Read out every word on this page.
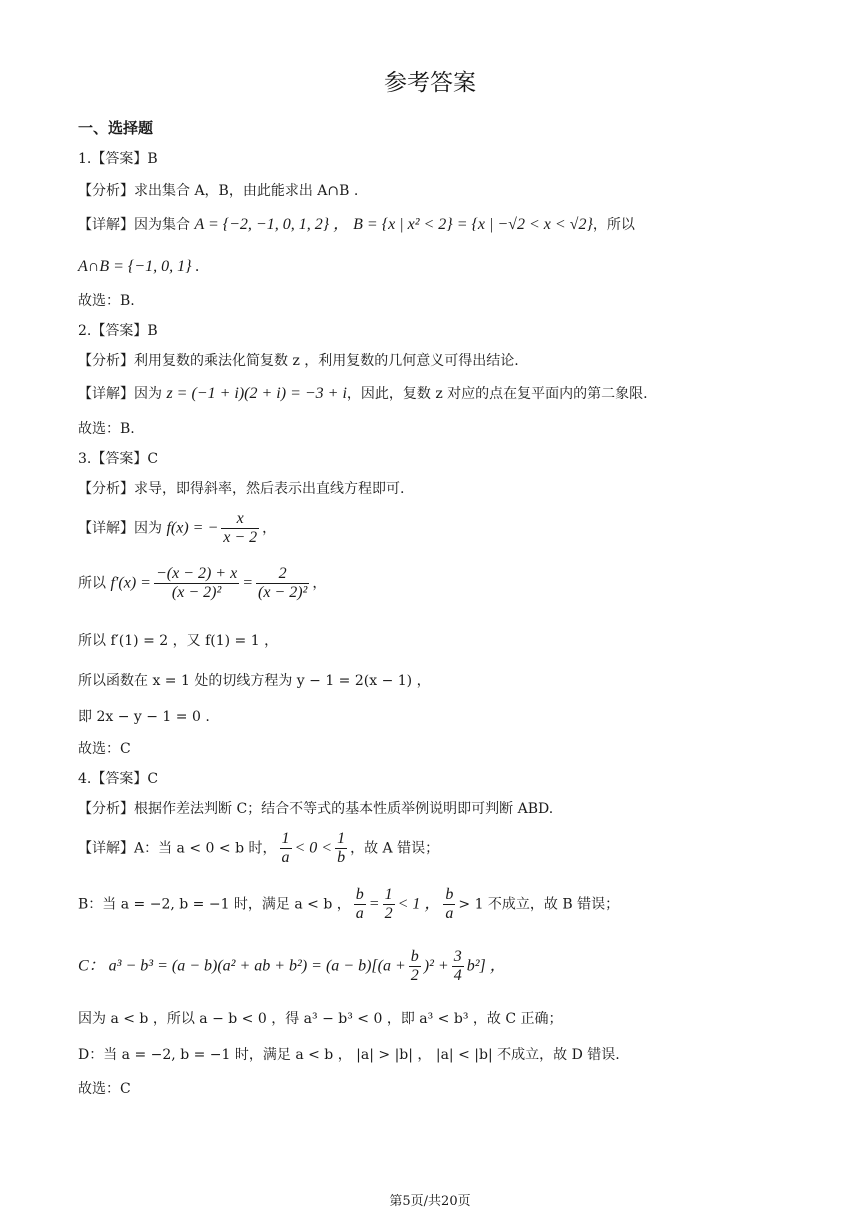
参考答案
一、选择题
1.【答案】B
【分析】求出集合 A，B，由此能求出 A∩B .
【详解】因为集合 A = {−2, −1, 0, 1, 2} ， B = {x | x² < 2} = {x | −√2 < x < √2}，所以
A∩B = {−1, 0, 1} .
故选：B.
2.【答案】B
【分析】利用复数的乘法化简复数 z ，利用复数的几何意义可得出结论.
【详解】因为 z = (−1 + i)(2 + i) = −3 + i，因此，复数 z 对应的点在复平面内的第二象限.
故选：B.
3.【答案】C
【分析】求导，即得斜率，然后表示出直线方程即可.
【详解】因为 f(x) = − $\frac{x}{x - 2}$ ，
所以 $f'(x) = \frac{-(x - 2) + x}{\text{(x − 2)²}} = \frac{2}{\text{(x − 2)²}}$ ，
所以 f′(1) = 2 ，又 f(1) = 1 ，
所以函数在 x = 1 处的切线方程为 y − 1 = 2(x − 1) ，
即 2x − y − 1 = 0 .
故选：C
4.【答案】C
【分析】根据作差法判断 C；结合不等式的基本性质举例说明即可判断 ABD.
【详解】A：当 a < 0 < b 时， $\frac{1}{a} < 0 < \frac{1}{b}$ ，故 A 错误；
B：当 a = −2, b = −1 时，满足 a < b ， $\frac{b}{a} = \frac{1}{2} < 1$ ， $\frac{b}{a} > 1$ 不成立，故 B 错误；
C： a³ − b³ = (a − b)(a² + ab + $b^2) = (a - b)[(a + \frac{b}{2} )^2 + \frac{3}{4} b^2]$ ，
因为 a < b ，所以 a − b < 0 ，得 a³ − b³ < 0 ，即 a³ < b³ ，故 C 正确；
D：当 a = −2, b = −1 时，满足 a < b ， |a| > |b| ， |a| < |b| 不成立，故 D 错误.
故选：C
第5页/共20页
